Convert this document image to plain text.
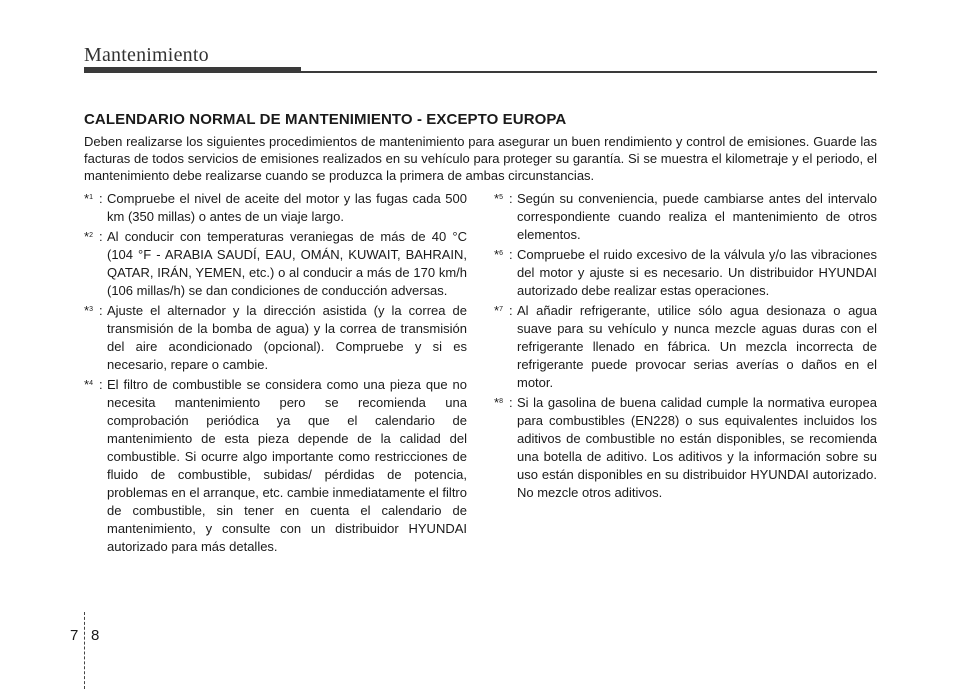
Mantenimiento
CALENDARIO NORMAL DE MANTENIMIENTO - EXCEPTO EUROPA

Deben realizarse los siguientes procedimientos de mantenimiento para asegurar un buen rendimiento y control de emisiones. Guarde las facturas de todos servicios de emisiones realizados en su vehículo para proteger su garantía. Si se muestra el kilometraje y el periodo, el mantenimiento debe realizarse cuando se produzca la primera de ambas circunstancias.

*$^1$ : Compruebe el nivel de aceite del motor y las fugas cada 500 km (350 millas) o antes de un viaje largo.
*$^2$ : Al conducir con temperaturas veraniegas de más de 40 °C (104 °F - ARABIA SAUDÍ, EAU, OMÁN, KUWAIT, BAHRAIN, QATAR, IRÁN, YEMEN, etc.) o al conducir a más de 170 km/h (106 millas/h) se dan condiciones de conducción adversas.
*$^3$ : Ajuste el alternador y la dirección asistida (y la correa de transmisión de la bomba de agua) y la correa de transmisión del aire acondicionado (opcional). Compruebe y si es necesario, repare o cambie.
*$^4$ : El filtro de combustible se considera como una pieza que no necesita mantenimiento pero se recomienda una comprobación periódica ya que el calendario de mantenimiento de esta pieza depende de la calidad del combustible. Si ocurre algo importante como restricciones de fluido de combustible, subidas/ pérdidas de potencia, problemas en el arranque, etc. cambie inmediatamente el filtro de combustible, sin tener en cuenta el calendario de mantenimiento, y consulte con un distribuidor HYUNDAI autorizado para más detalles.
*$^5$ : Según su conveniencia, puede cambiarse antes del intervalo correspondiente cuando realiza el mantenimiento de otros elementos.
*$^6$ : Compruebe el ruido excesivo de la válvula y/o las vibraciones del motor y ajuste si es necesario. Un distribuidor HYUNDAI autorizado debe realizar estas operaciones.
*$^7$ : Al añadir refrigerante, utilice sólo agua desionaza o agua suave para su vehículo y nunca mezcle aguas duras con el refrigerante llenado en fábrica. Un mezcla incorrecta de refrigerante puede provocar serias averías o daños en el motor.
*$^8$ : Si la gasolina de buena calidad cumple la normativa europea para combustibles (EN228) o sus equivalentes incluidos los aditivos de combustible no están disponibles, se recomienda una botella de aditivo. Los aditivos y la información sobre su uso están disponibles en su distribuidor HYUNDAI autorizado. No mezcle otros aditivos.
7 8
